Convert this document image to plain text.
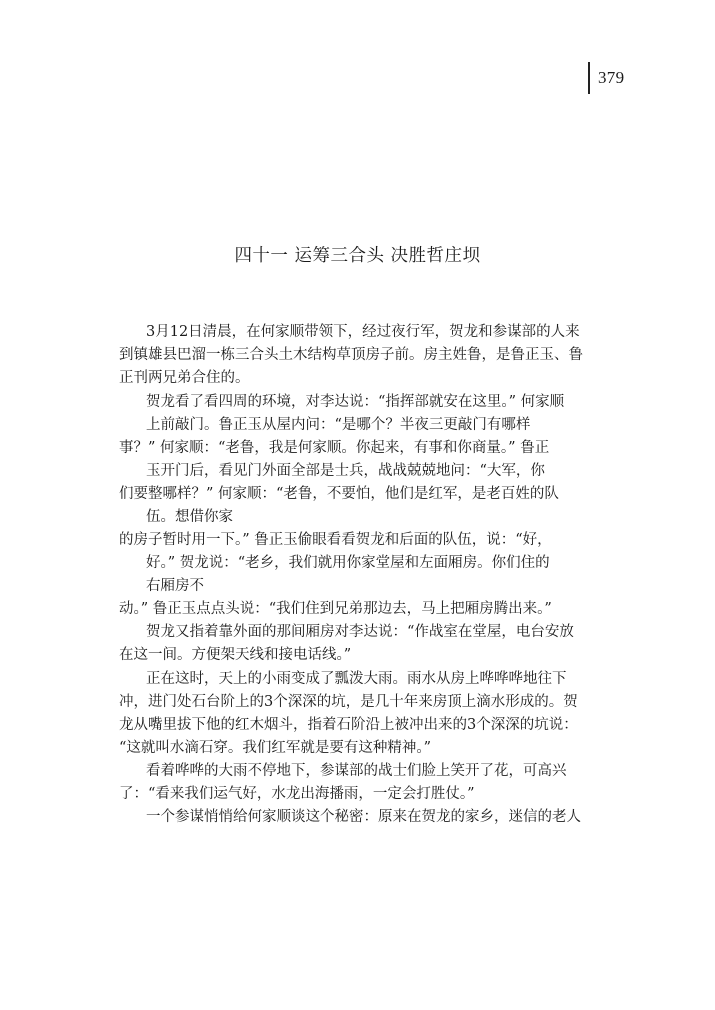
379
四十一 运筹三合头 决胜哲庄坝
3月12日清晨，在何家顺带领下，经过夜行军，贺龙和参谋部的人来
到镇雄县巴溜一栋三合头土木结构草顶房子前。房主姓鲁，是鲁正玉、鲁
正刊两兄弟合住的。
贺龙看了看四周的环境，对李达说：“指挥部就安在这里。” 何家顺
上前敲门。鲁正玉从屋内问：“是哪个？半夜三更敲门有哪样
事？” 何家顺：“老鲁，我是何家顺。你起来，有事和你商量。” 鲁正
玉开门后，看见门外面全部是士兵，战战兢兢地问：“大军，你
们要整哪样？” 何家顺：“老鲁，不要怕，他们是红军，是老百姓的队
伍。想借你家
的房子暂时用一下。” 鲁正玉偷眼看看贺龙和后面的队伍，说：“好，
好。” 贺龙说：“老乡，我们就用你家堂屋和左面厢房。你们住的
右厢房不
动。” 鲁正玉点点头说：“我们住到兄弟那边去，马上把厢房腾出来。”
贺龙又指着靠外面的那间厢房对李达说：“作战室在堂屋，电台安放
在这一间。方便架天线和接电话线。”
正在这时，天上的小雨变成了瓢泼大雨。雨水从房上哗哗哗地往下
冲，进门处石台阶上的3个深深的坑，是几十年来房顶上滴水形成的。贺
龙从嘴里拔下他的红木烟斗，指着石阶沿上被冲出来的3个深深的坑说：
“这就叫水滴石穿。我们红军就是要有这种精神。”
看着哗哗的大雨不停地下，参谋部的战士们脸上笑开了花，可高兴
了：“看来我们运气好，水龙出海播雨，一定会打胜仗。”
一个参谋悄悄给何家顺谈这个秘密：原来在贺龙的家乡，迷信的老人
